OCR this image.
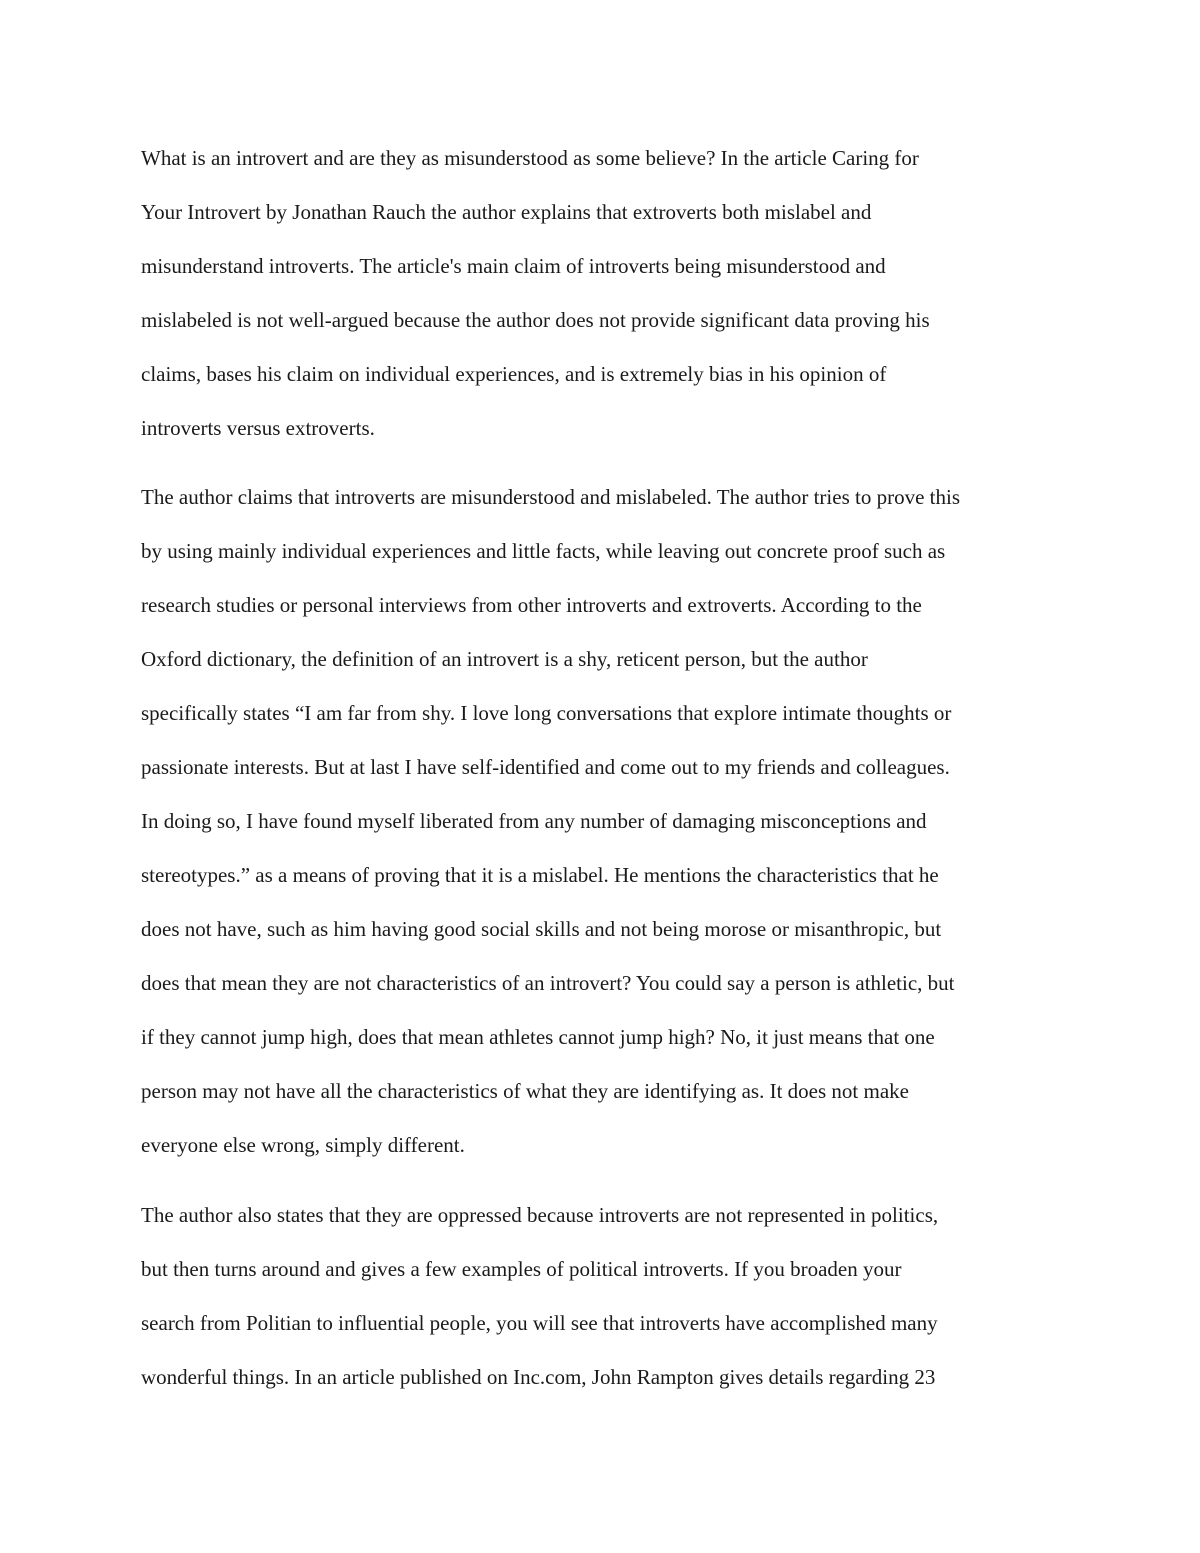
What is an introvert and are they as misunderstood as some believe? In the article Caring for

Your Introvert by Jonathan Rauch the author explains that extroverts both mislabel and

misunderstand introverts. The article's main claim of introverts being misunderstood and

mislabeled is not well-argued because the author does not provide significant data proving his

claims, bases his claim on individual experiences, and is extremely bias in his opinion of

introverts versus extroverts.

The author claims that introverts are misunderstood and mislabeled. The author tries to prove this

by using mainly individual experiences and little facts, while leaving out concrete proof such as

research studies or personal interviews from other introverts and extroverts. According to the

Oxford dictionary, the definition of an introvert is a shy, reticent person, but the author

specifically states “I am far from shy. I love long conversations that explore intimate thoughts or

passionate interests. But at last I have self-identified and come out to my friends and colleagues.

In doing so, I have found myself liberated from any number of damaging misconceptions and

stereotypes.” as a means of proving that it is a mislabel. He mentions the characteristics that he

does not have, such as him having good social skills and not being morose or misanthropic, but

does that mean they are not characteristics of an introvert? You could say a person is athletic, but

if they cannot jump high, does that mean athletes cannot jump high? No, it just means that one

person may not have all the characteristics of what they are identifying as. It does not make

everyone else wrong, simply different.

The author also states that they are oppressed because introverts are not represented in politics,

but then turns around and gives a few examples of political introverts. If you broaden your

search from Politian to influential people, you will see that introverts have accomplished many

wonderful things. In an article published on Inc.com, John Rampton gives details regarding 23
